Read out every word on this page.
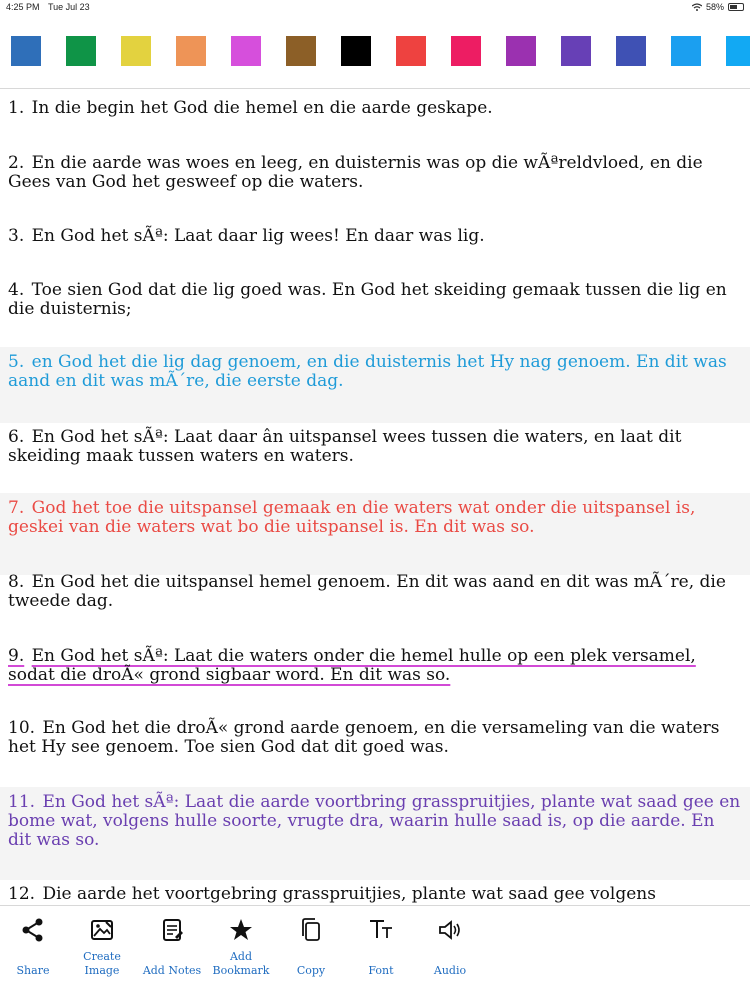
4:25 PM Tue Jul 23	58%
1. In die begin het God die hemel en die aarde geskape.
2. En die aarde was woes en leeg, en duisternis was op die wÃªreldvloed, en die Gees van God het gesweef op die waters.
3. En God het sÃª: Laat daar lig wees! En daar was lig.
4. Toe sien God dat die lig goed was. En God het skeiding gemaak tussen die lig en die duisternis;
5. en God het die lig dag genoem, en die duisternis het Hy nag genoem. En dit was aand en dit was mÃ´re, die eerste dag.
6. En God het sÃª: Laat daar ân uitspansel wees tussen die waters, en laat dit skeiding maak tussen waters en waters.
7. God het toe die uitspansel gemaak en die waters wat onder die uitspansel is, geskei van die waters wat bo die uitspansel is. En dit was so.
8. En God het die uitspansel hemel genoem. En dit was aand en dit was mÃ´re, die tweede dag.
9. En God het sÃª: Laat die waters onder die hemel hulle op een plek versamel, sodat die droÃ« grond sigbaar word. En dit was so.
10. En God het die droÃ« grond aarde genoem, en die versameling van die waters het Hy see genoem. Toe sien God dat dit goed was.
11. En God het sÃª: Laat die aarde voortbring grasspruitjies, plante wat saad gee en bome wat, volgens hulle soorte, vrugte dra, waarin hulle saad is, op die aarde. En dit was so.
12. Die aarde het voortgebring grasspruitjies, plante wat saad gee volgens
Share
Create Image	Add Notes
Add Bookmark	Copy	Font	Audio
